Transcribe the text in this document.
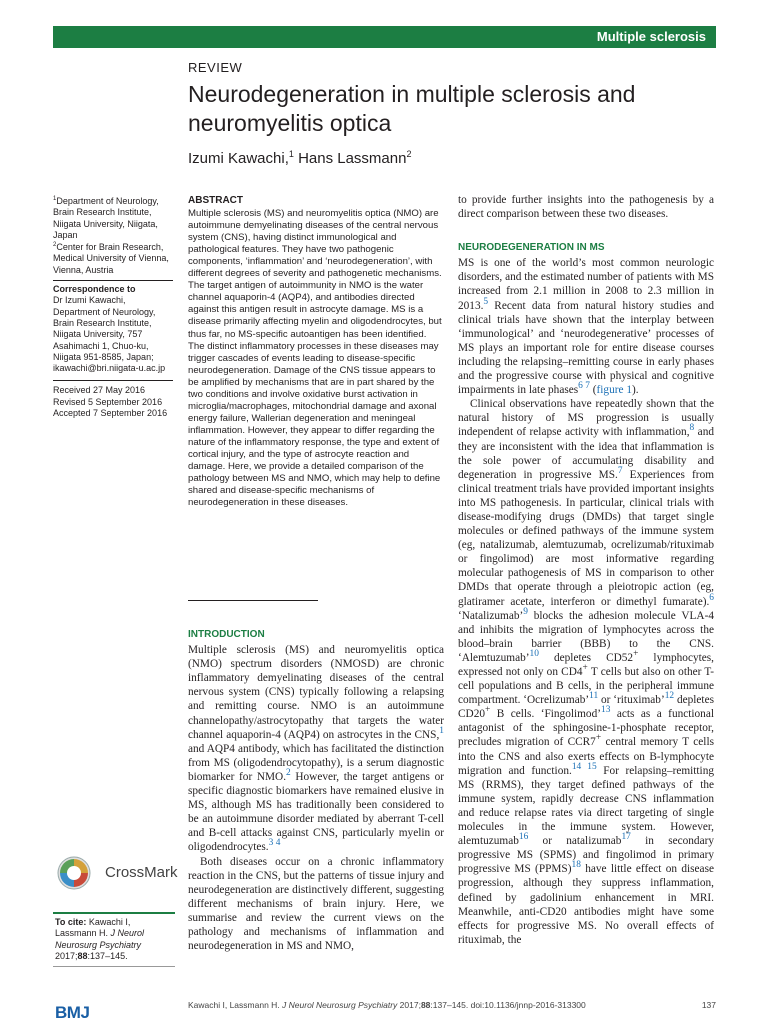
Multiple sclerosis
REVIEW
Neurodegeneration in multiple sclerosis and neuromyelitis optica
Izumi Kawachi,$^1$ Hans Lassmann$^2$

$^1$Department of Neurology, Brain Research Institute, Niigata University, Niigata, Japan

$^2$Center for Brain Research, Medical University of Vienna, Vienna, Austria

Correspondence to

Dr Izumi Kawachi, Department of Neurology, Brain Research Institute, Niigata University, 757 Asahimachi 1, Chuo-ku, Niigata 951-8585, Japan; ikawachi@bri.niigata-u.ac.jp

Received 27 May 2016

Revised 5 September 2016

Accepted 7 September 2016

CrossMark
To cite: Kawachi I, Lassmann H. J Neurol Neurosurg Psychiatry 2017;88:137–145.
ABSTRACT

Multiple sclerosis (MS) and neuromyelitis optica (NMO) are autoimmune demyelinating diseases of the central nervous system (CNS), having distinct immunological and pathological features. They have two pathogenic components, ‘inflammation’ and ‘neurodegeneration’, with different degrees of severity and pathogenetic mechanisms. The target antigen of autoimmunity in NMO is the water channel aquaporin-4 (AQP4), and antibodies directed against this antigen result in astrocyte damage. MS is a disease primarily affecting myelin and oligodendrocytes, but thus far, no MS-specific autoantigen has been identified. The distinct inflammatory processes in these diseases may trigger cascades of events leading to disease-specific neurodegeneration. Damage of the CNS tissue appears to be amplified by mechanisms that are in part shared by the two conditions and involve oxidative burst activation in microglia/macrophages, mitochondrial damage and axonal energy failure, Wallerian degeneration and meningeal inflammation. However, they appear to differ regarding the nature of the inflammatory response, the type and extent of cortical injury, and the type of astrocyte reaction and damage. Here, we provide a detailed comparison of the pathology between MS and NMO, which may help to define shared and disease-specific mechanisms of neurodegeneration in these diseases.

INTRODUCTION

Multiple sclerosis (MS) and neuromyelitis optica (NMO) spectrum disorders (NMOSD) are chronic inflammatory demyelinating diseases of the central nervous system (CNS) typically following a relapsing and remitting course. NMO is an autoimmune channelopathy/astrocytopathy that targets the water channel aquaporin-4 (AQP4) on astrocytes in the CNS,$^1$ and AQP4 antibody, which has facilitated the distinction from MS (oligodendrocytopathy), is a serum diagnostic biomarker for NMO.$^2$ However, the target antigens or specific diagnostic biomarkers have remained elusive in MS, although MS has traditionally been considered to be an autoimmune disorder mediated by aberrant T-cell and B-cell attacks against CNS, particularly myelin or oligodendrocytes.$^{3 4}$

Both diseases occur on a chronic inflammatory reaction in the CNS, but the patterns of tissue injury and neurodegeneration are distinctively different, suggesting different mechanisms of brain injury. Here, we summarise and review the current views on the pathology and mechanisms of inflammation and neurodegeneration in MS and NMO,

to provide further insights into the pathogenesis by a direct comparison between these two diseases.

NEURODEGENERATION IN MS

MS is one of the world’s most common neurologic disorders, and the estimated number of patients with MS increased from 2.1 million in 2008 to 2.3 million in 2013.$^5$ Recent data from natural history studies and clinical trials have shown that the interplay between ‘immunological’ and ‘neurodegenerative’ processes of MS plays an important role for entire disease courses including the relapsing–remitting course in early phases and the progressive course with physical and cognitive impairments in late phases$^{6 7}$ (figure 1).

Clinical observations have repeatedly shown that the natural history of MS progression is usually independent of relapse activity with inflammation,$^8$ and they are inconsistent with the idea that inflammation is the sole power of accumulating disability and degeneration in progressive MS.$^7$ Experiences from clinical treatment trials have provided important insights into MS pathogenesis. In particular, clinical trials with disease-modifying drugs (DMDs) that target single molecules or defined pathways of the immune system (eg, natalizumab, alemtuzumab, ocrelizumab/rituximab or fingolimod) are most informative regarding molecular pathogenesis of MS in comparison to other DMDs that operate through a pleiotropic action (eg, glatiramer acetate, interferon or dimethyl fumarate).$^6$ ‘Natalizumab’$^9$ blocks the adhesion molecule VLA-4 and inhibits the migration of lymphocytes across the blood–brain barrier (BBB) to the CNS. ‘Alemtuzumab’$^{10}$ depletes CD52+ lymphocytes, expressed not only on CD4+ T cells but also on other T-cell populations and B cells, in the peripheral immune compartment. ‘Ocrelizumab’$^{11}$ or ‘rituximab’$^{12}$ depletes CD20+ B cells. ‘Fingolimod’$^{13}$ acts as a functional antagonist of the sphingosine-1-phosphate receptor, precludes migration of CCR7+ central memory T cells into the CNS and also exerts effects on B-lymphocyte migration and function.$^{14 15}$ For relapsing–remitting MS (RRMS), they target defined pathways of the immune system, rapidly decrease CNS inflammation and reduce relapse rates via direct targeting of single molecules in the immune system. However, alemtuzumab$^{16}$ or natalizumab$^{17}$ in secondary progressive MS (SPMS) and fingolimod in primary progressive MS (PPMS)$^{18}$ have little effect on disease progression, although they suppress inflammation, defined by gadolinium enhancement in MRI. Meanwhile, anti-CD20 antibodies might have some effects for progressive MS. No overall effects of rituximab, the

BMJ	Kawachi I, Lassmann H. J Neurol Neurosurg Psychiatry 2017;88:137–145. doi:10.1136/jnnp-2016-313300	137
